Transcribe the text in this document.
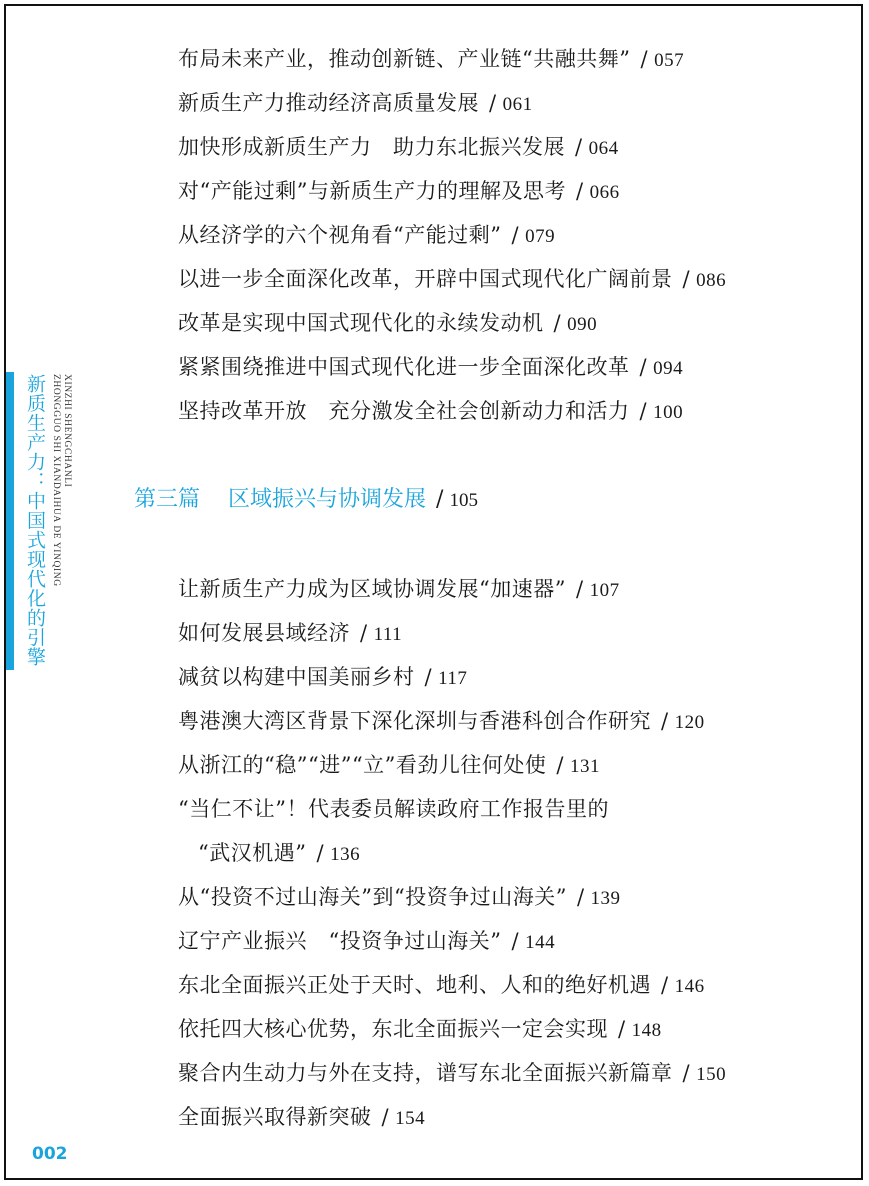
布局未来产业，推动创新链、产业链“共融共舞” / 057
新质生产力推动经济高质量发展 / 061
加快形成新质生产力　助力东北振兴发展 / 064
对“产能过剩”与新质生产力的理解及思考 / 066
从经济学的六个视角看“产能过剩” / 079
以进一步全面深化改革，开辟中国式现代化广阔前景 / 086
改革是实现中国式现代化的永续发动机 / 090
紧紧围绕推进中国式现代化进一步全面深化改革 / 094
坚持改革开放　充分激发全社会创新动力和活力 / 100
第三篇 区域振兴与协调发展 / 105
让新质生产力成为区域协调发展“加速器” / 107
如何发展县域经济 / 111
减贫以构建中国美丽乡村 / 117
粤港澳大湾区背景下深化深圳与香港科创合作研究 / 120
从浙江的“稳”“进”“立”看劲儿往何处使 / 131
“当仁不让”！代表委员解读政府工作报告里的
“武汉机遇” / 136
从“投资不过山海关”到“投资争过山海关” / 139
辽宁产业振兴　“投资争过山海关” / 144
东北全面振兴正处于天时、地利、人和的绝好机遇 / 146
依托四大核心优势，东北全面振兴一定会实现 / 148
聚合内生动力与外在支持，谱写东北全面振兴新篇章 / 150
全面振兴取得新突破 / 154
新质生产力：中国式现代化的引擎	XINZHI SHENGCHANLI
ZHONGGUO SHI XIANDAIHUA DE YINQING
002
